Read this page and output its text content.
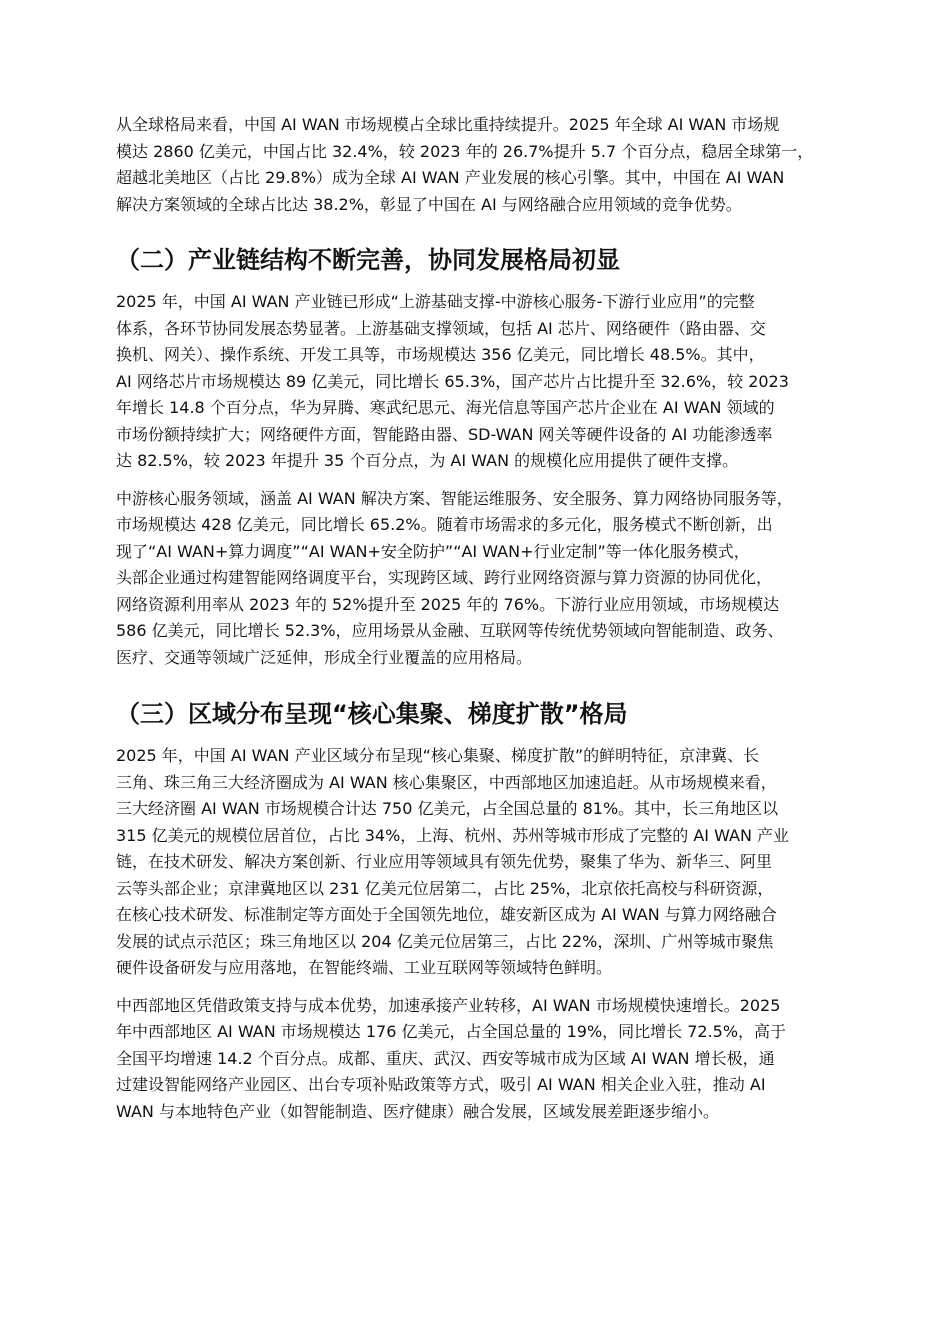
从全球格局来看，中国 AI WAN 市场规模占全球比重持续提升。2025 年全球 AI WAN 市场规
模达 2860 亿美元，中国占比 32.4%，较 2023 年的 26.7%提升 5.7 个百分点，稳居全球第一，
超越北美地区（占比 29.8%）成为全球 AI WAN 产业发展的核心引擎。其中，中国在 AI WAN
解决方案领域的全球占比达 38.2%，彰显了中国在 AI 与网络融合应用领域的竞争优势。

（二）产业链结构不断完善，协同发展格局初显

2025 年，中国 AI WAN 产业链已形成“上游基础支撑-中游核心服务-下游行业应用”的完整
体系，各环节协同发展态势显著。上游基础支撑领域，包括 AI 芯片、网络硬件（路由器、交
换机、网关）、操作系统、开发工具等，市场规模达 356 亿美元，同比增长 48.5%。其中，
AI 网络芯片市场规模达 89 亿美元，同比增长 65.3%，国产芯片占比提升至 32.6%，较 2023
年增长 14.8 个百分点，华为昇腾、寒武纪思元、海光信息等国产芯片企业在 AI WAN 领域的
市场份额持续扩大；网络硬件方面，智能路由器、SD-WAN 网关等硬件设备的 AI 功能渗透率
达 82.5%，较 2023 年提升 35 个百分点，为 AI WAN 的规模化应用提供了硬件支撑。

中游核心服务领域，涵盖 AI WAN 解决方案、智能运维服务、安全服务、算力网络协同服务等，
市场规模达 428 亿美元，同比增长 65.2%。随着市场需求的多元化，服务模式不断创新，出
现了“AI WAN+算力调度”“AI WAN+安全防护”“AI WAN+行业定制”等一体化服务模式，
头部企业通过构建智能网络调度平台，实现跨区域、跨行业网络资源与算力资源的协同优化，
网络资源利用率从 2023 年的 52%提升至 2025 年的 76%。下游行业应用领域，市场规模达
586 亿美元，同比增长 52.3%，应用场景从金融、互联网等传统优势领域向智能制造、政务、
医疗、交通等领域广泛延伸，形成全行业覆盖的应用格局。

（三）区域分布呈现“核心集聚、梯度扩散”格局

2025 年，中国 AI WAN 产业区域分布呈现“核心集聚、梯度扩散”的鲜明特征，京津冀、长
三角、珠三角三大经济圈成为 AI WAN 核心集聚区，中西部地区加速追赶。从市场规模来看，
三大经济圈 AI WAN 市场规模合计达 750 亿美元，占全国总量的 81%。其中，长三角地区以
315 亿美元的规模位居首位，占比 34%，上海、杭州、苏州等城市形成了完整的 AI WAN 产业
链，在技术研发、解决方案创新、行业应用等领域具有领先优势，聚集了华为、新华三、阿里
云等头部企业；京津冀地区以 231 亿美元位居第二，占比 25%，北京依托高校与科研资源，
在核心技术研发、标准制定等方面处于全国领先地位，雄安新区成为 AI WAN 与算力网络融合
发展的试点示范区；珠三角地区以 204 亿美元位居第三，占比 22%，深圳、广州等城市聚焦
硬件设备研发与应用落地，在智能终端、工业互联网等领域特色鲜明。

中西部地区凭借政策支持与成本优势，加速承接产业转移，AI WAN 市场规模快速增长。2025
年中西部地区 AI WAN 市场规模达 176 亿美元，占全国总量的 19%，同比增长 72.5%，高于
全国平均增速 14.2 个百分点。成都、重庆、武汉、西安等城市成为区域 AI WAN 增长极，通
过建设智能网络产业园区、出台专项补贴政策等方式，吸引 AI WAN 相关企业入驻，推动 AI
WAN 与本地特色产业（如智能制造、医疗健康）融合发展，区域发展差距逐步缩小。
